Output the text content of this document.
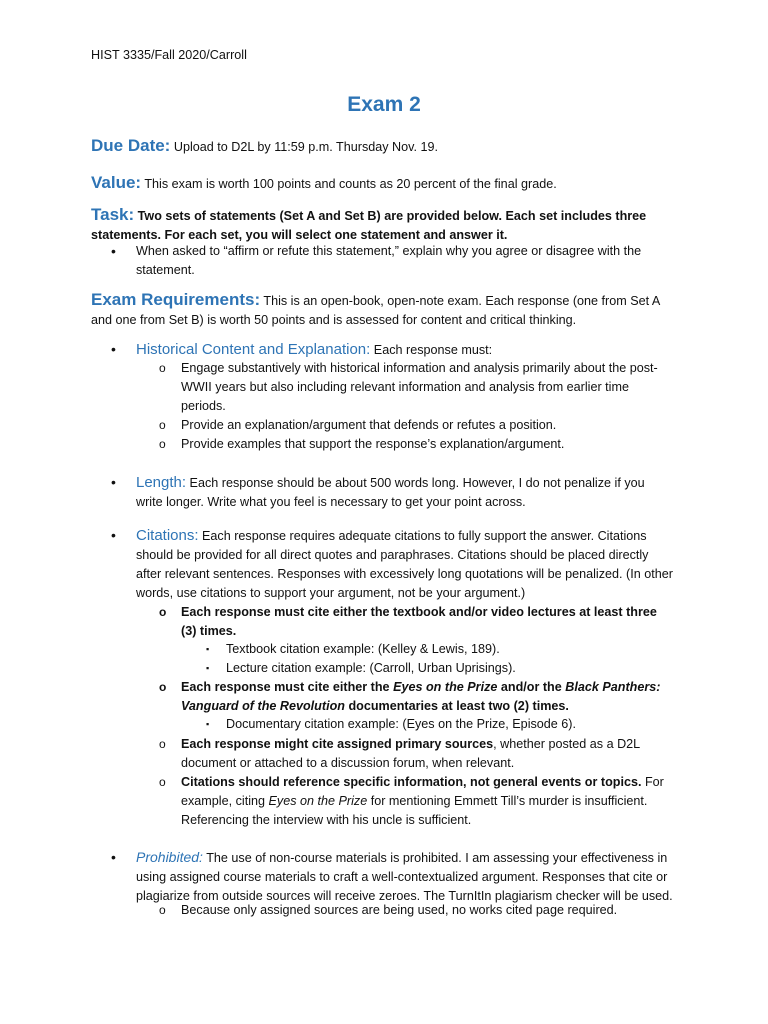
HIST 3335/Fall 2020/Carroll
Exam 2
Due Date: Upload to D2L by 11:59 p.m. Thursday Nov. 19.
Value: This exam is worth 100 points and counts as 20 percent of the final grade.
Task: Two sets of statements (Set A and Set B) are provided below. Each set includes three statements. For each set, you will select one statement and answer it.
• When asked to “affirm or refute this statement,” explain why you agree or disagree with the statement.
Exam Requirements: This is an open-book, open-note exam. Each response (one from Set A and one from Set B) is worth 50 points and is assessed for content and critical thinking.
• Historical Content and Explanation: Each response must:
o Engage substantively with historical information and analysis primarily about the post-WWII years but also including relevant information and analysis from earlier time periods.
o Provide an explanation/argument that defends or refutes a position.
o Provide examples that support the response’s explanation/argument.
• Length: Each response should be about 500 words long. However, I do not penalize if you write longer. Write what you feel is necessary to get your point across.
• Citations: Each response requires adequate citations to fully support the answer. Citations should be provided for all direct quotes and paraphrases. Citations should be placed directly after relevant sentences. Responses with excessively long quotations will be penalized. (In other words, use citations to support your argument, not be your argument.)
o Each response must cite either the textbook and/or video lectures at least three (3) times.
▪ Textbook citation example: (Kelley & Lewis, 189).
▪ Lecture citation example: (Carroll, Urban Uprisings).
o Each response must cite either the Eyes on the Prize and/or the Black Panthers: Vanguard of the Revolution documentaries at least two (2) times.
▪ Documentary citation example: (Eyes on the Prize, Episode 6).
o Each response might cite assigned primary sources, whether posted as a D2L document or attached to a discussion forum, when relevant.
o Citations should reference specific information, not general events or topics. For example, citing Eyes on the Prize for mentioning Emmett Till’s murder is insufficient. Referencing the interview with his uncle is sufficient.
• Prohibited: The use of non-course materials is prohibited. I am assessing your effectiveness in using assigned course materials to craft a well-contextualized argument. Responses that cite or plagiarize from outside sources will receive zeroes. The TurnItIn plagiarism checker will be used.
o Because only assigned sources are being used, no works cited page required.
